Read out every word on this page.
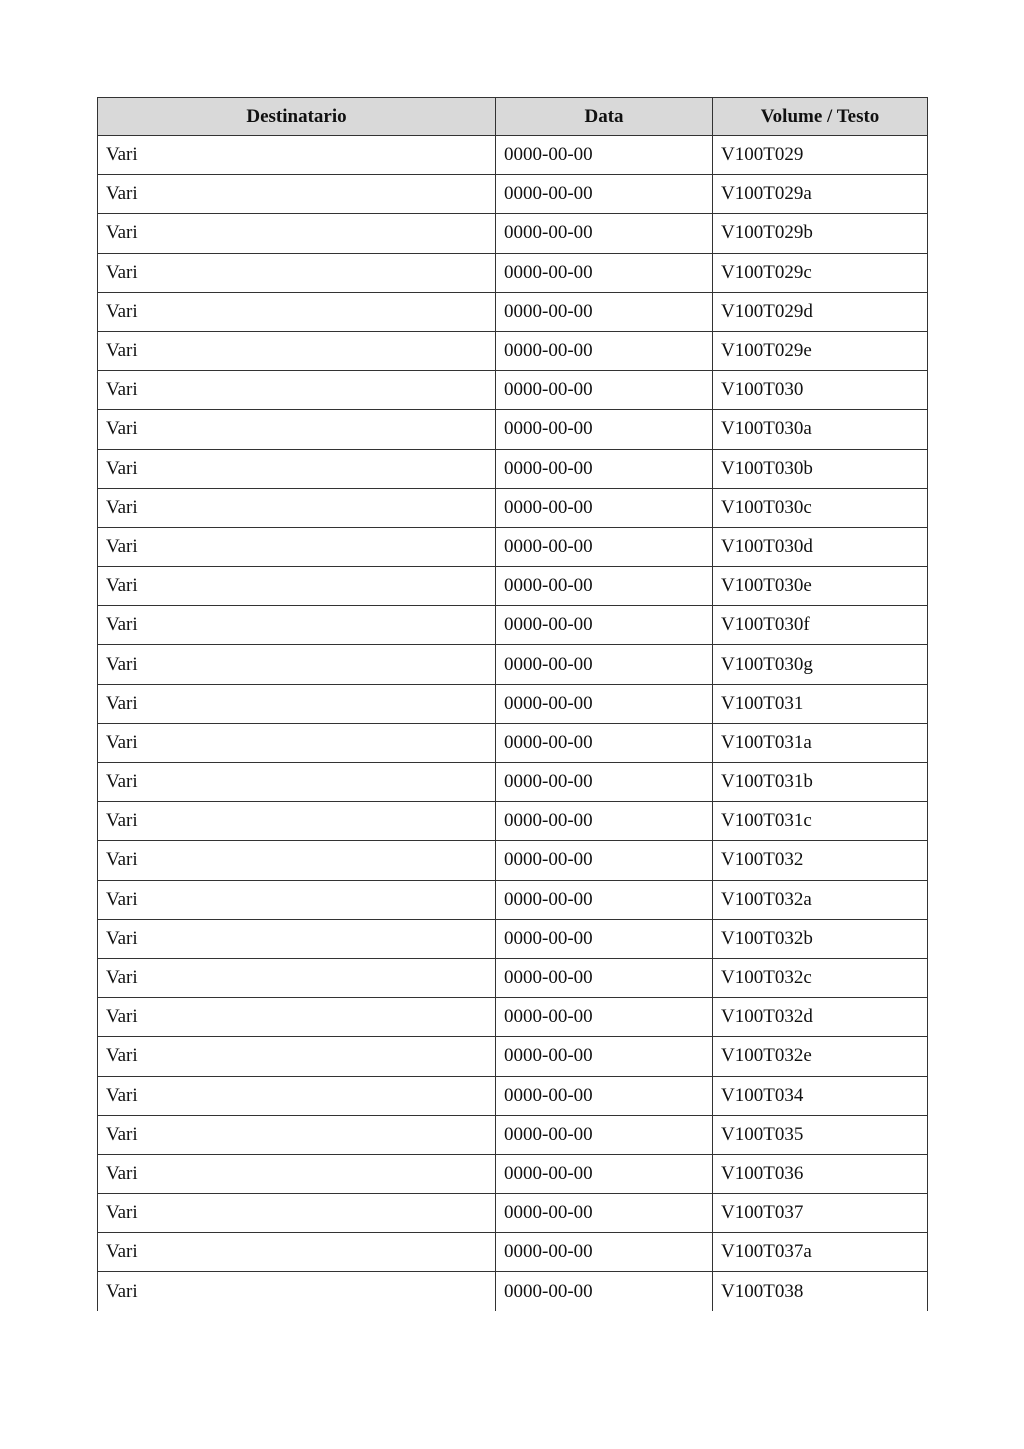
Destinatario	Data	Volume / Testo
Vari	0000-00-00	V100T029
Vari	0000-00-00	V100T029a
Vari	0000-00-00	V100T029b
Vari	0000-00-00	V100T029c
Vari	0000-00-00	V100T029d
Vari	0000-00-00	V100T029e
Vari	0000-00-00	V100T030
Vari	0000-00-00	V100T030a
Vari	0000-00-00	V100T030b
Vari	0000-00-00	V100T030c
Vari	0000-00-00	V100T030d
Vari	0000-00-00	V100T030e
Vari	0000-00-00	V100T030f
Vari	0000-00-00	V100T030g
Vari	0000-00-00	V100T031
Vari	0000-00-00	V100T031a
Vari	0000-00-00	V100T031b
Vari	0000-00-00	V100T031c
Vari	0000-00-00	V100T032
Vari	0000-00-00	V100T032a
Vari	0000-00-00	V100T032b
Vari	0000-00-00	V100T032c
Vari	0000-00-00	V100T032d
Vari	0000-00-00	V100T032e
Vari	0000-00-00	V100T034
Vari	0000-00-00	V100T035
Vari	0000-00-00	V100T036
Vari	0000-00-00	V100T037
Vari	0000-00-00	V100T037a
Vari	0000-00-00	V100T038
